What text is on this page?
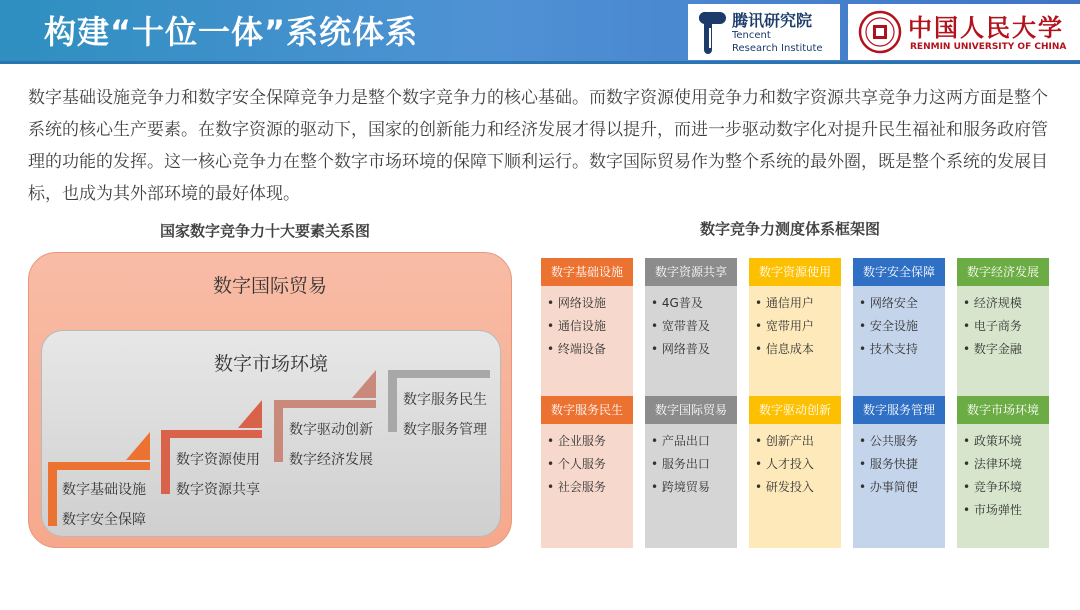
构建“十位一体”系统体系	腾讯研究院
Tencent
Research Institute
中国人民大学
RENMIN UNIVERSITY OF CHINA
数字基础设施竞争力和数字安全保障竞争力是整个数字竞争力的核心基础。而数字资源使用竞争力和数字资源共享竞争力这两方面是整个系统的核心生产要素。在数字资源的驱动下，国家的创新能力和经济发展才得以提升，而进一步驱动数字化对提升民生福祉和服务政府管理的功能的发挥。这一核心竞争力在整个数字市场环境的保障下顺利运行。数字国际贸易作为整个系统的最外圈，既是整个系统的发展目标，也成为其外部环境的最好体现。
国家数字竞争力十大要素关系图
数字国际贸易
数字市场环境
数字基础设施
数字安全保障
数字资源使用
数字资源共享
数字驱动创新
数字经济发展
数字服务民生
数字服务管理
数字竞争力测度体系框架图
数字基础设施
• 网络设施
• 通信设施
• 终端设备
数字资源共享
• 4G普及
• 宽带普及
• 网络普及
数字资源使用
• 通信用户
• 宽带用户
• 信息成本
数字安全保障
• 网络安全
• 安全设施
• 技术支持
数字经济发展
• 经济规模
• 电子商务
• 数字金融
数字服务民生
• 企业服务
• 个人服务
• 社会服务
数字国际贸易
• 产品出口
• 服务出口
• 跨境贸易
数字驱动创新
• 创新产出
• 人才投入
• 研发投入
数字服务管理
• 公共服务
• 服务快捷
• 办事简便
数字市场环境
• 政策环境
• 法律环境
• 竞争环境
• 市场弹性
